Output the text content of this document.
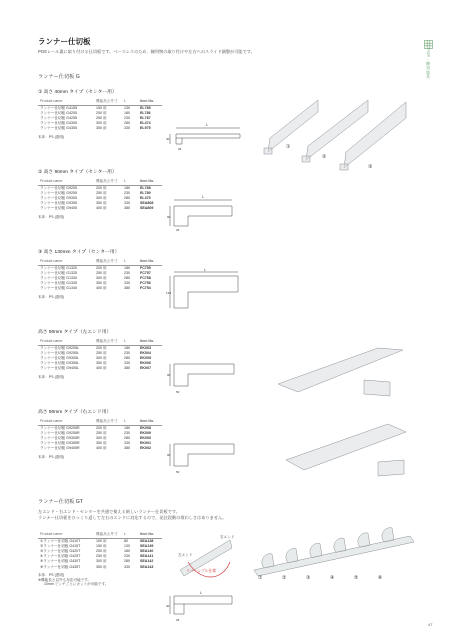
ランナー仕切板
POSレール裏に取り付ける仕切板です。ベースレスのため、陳列物の取り付けや左右へのスライド調整が可能です。	POP・陳列器具
ランナー仕切板 G
① 高さ 40mm タイプ（センター用）
Product name	機能高さ外寸	L	Item No.
ランナー仕切板 G4155	150 用	130	EL785
ランナー仕切板 G4205	200 用	180	EL786
ランナー仕切板 G4255	250 用	230	EL787
ランナー仕切板 G4305	300 用	280	EL474
ランナー仕切板 G4355	350 用	330	EL975
本体：PS (透明)
② 高さ 90mm タイプ（センター用）
Product name	機能高さ外寸	L	Item No.
ランナー仕切板 G9205	200 用	180	EL788
ランナー仕切板 G9255	250 用	230	EL789
ランナー仕切板 G9305	300 用	280	EL475
ランナー仕切板 G9355	350 用	330	SEA808
ランナー仕切板 G9405	400 用	380	SEA809
本体：PS (透明)
③ 高さ 130mm タイプ（センター用）
Product name	機能高さ外寸	L	Item No.
ランナー仕切板 G1320	200 用	180	FC755
ランナー仕切板 G1325	250 用	230	FC757
ランナー仕切板 G1330	300 用	280	FC758
ランナー仕切板 G1335	350 用	330	FC756
ランナー仕切板 G1340	400 用	380	FC754
本体：PS (透明)
高さ 90mm タイプ（左エンド用）
Product name	機能高さ外寸	L	Item No.
ランナー仕切板 G9205L	200 用	180	EK003
ランナー仕切板 G9255L	250 用	230	EK004
ランナー仕切板 G9305L	300 用	280	EK005
ランナー仕切板 G9355L	350 用	330	EK006
ランナー仕切板 G9405L	400 用	380	EK007
本体：PS (透明)
高さ 90mm タイプ（右エンド用）
Product name	機能高さ外寸	L	Item No.
ランナー仕切板 G9205R	200 用	180	EK008
ランナー仕切板 G9255R	250 用	230	EK009
ランナー仕切板 G9305R	300 用	280	EK000
ランナー仕切板 G9355R	350 用	330	EK001
ランナー仕切板 G9405R	400 用	380	EK002
本体：PS (透明)
L
40
25	①
②
③
L
90
25
L
130
90
50
90
50
ランナー仕切板 GT
左エンド・右エンド・センターを共通で使える新しいランナー仕切板です。
ランナー仕切板をひっくり返して左右のエンドに対応するので、発注段階の煩わしさはありません。
Product name	機能高さ外寸	L	Item No.
①ランナー仕切板 G410T	100 用	80	SEA138
②ランナー仕切板 G415T	150 用	130	SEA139
③ランナー仕切板 G420T	200 用	180	SEA140
④ランナー仕切板 G425T	250 用	230	SEA141
⑤ランナー仕切板 G430T	300 用	280	SEA142
⑥ランナー仕切板 G435T	350 用	330	SEA143
本体：PS (透明)
※機能長さ以外も対応可能です。
10mm ピッチごとにカットが可能です。
左エンド
右エンド
リバーシブル仕様
L
40
25
①	②	③	④	⑤	⑥
47
